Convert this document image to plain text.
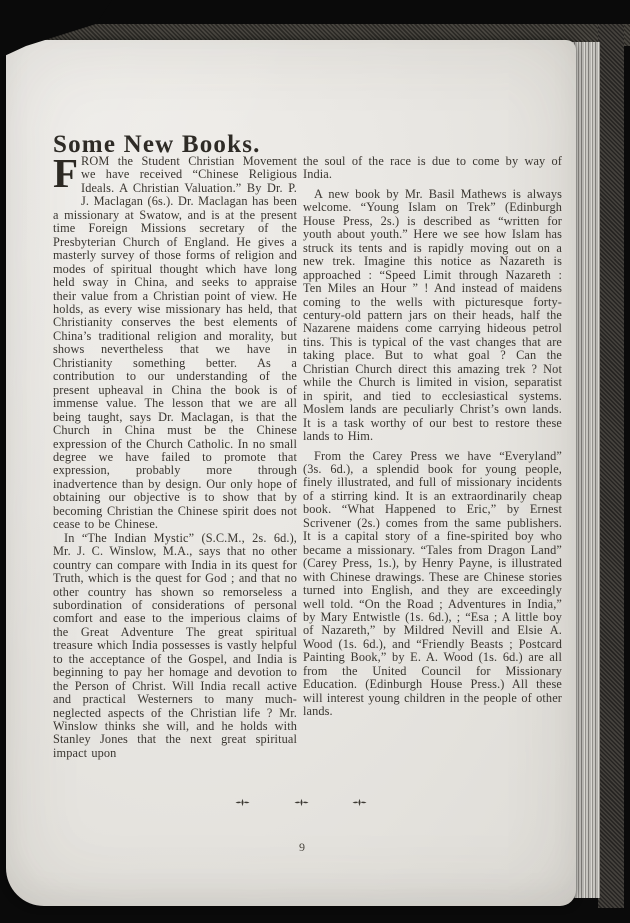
Some New Books.

FROM the Student Christian Movement we have received “Chinese Religious Ideals. A Christian Valuation.” By Dr. P. J. Maclagan (6s.). Dr. Maclagan has been a missionary at Swatow, and is at the present time Foreign Missions secretary of the Presbyterian Church of England. He gives a masterly survey of those forms of religion and modes of spiritual thought which have long held sway in China, and seeks to appraise their value from a Christian point of view. He holds, as every wise missionary has held, that Christianity conserves the best elements of China’s traditional religion and morality, but shows nevertheless that we have in Christianity something better. As a contribution to our understanding of the present upheaval in China the book is of immense value. The lesson that we are all being taught, says Dr. Maclagan, is that the Church in China must be the Chinese expression of the Church Catholic. In no small degree we have failed to promote that expression, probably more through inadvertence than by design. Our only hope of obtaining our objective is to show that by becoming Christian the Chinese spirit does not cease to be Chinese.

In “The Indian Mystic” (S.C.M., 2s. 6d.), Mr. J. C. Winslow, M.A., says that no other country can compare with India in its quest for Truth, which is the quest for God ; and that no other country has shown so remorseless a subordination of considerations of personal comfort and ease to the imperious claims of the Great Adventure The great spiritual treasure which India possesses is vastly helpful to the acceptance of the Gospel, and India is beginning to pay her homage and devotion to the Person of Christ. Will India recall active and practical Westerners to many much-neglected aspects of the Christian life ? Mr. Winslow thinks she will, and he holds with Stanley Jones that the next great spiritual impact upon

the soul of the race is due to come by way of India.

A new book by Mr. Basil Mathews is always welcome. “Young Islam on Trek” (Edinburgh House Press, 2s.) is described as “written for youth about youth.” Here we see how Islam has struck its tents and is rapidly moving out on a new trek. Imagine this notice as Nazareth is approached : “Speed Limit through Nazareth : Ten Miles an Hour ” ! And instead of maidens coming to the wells with picturesque forty-century-old pattern jars on their heads, half the Nazarene maidens come carrying hideous petrol tins. This is typical of the vast changes that are taking place. But to what goal ? Can the Christian Church direct this amazing trek ? Not while the Church is limited in vision, separatist in spirit, and tied to ecclesiastical systems. Moslem lands are peculiarly Christ’s own lands. It is a task worthy of our best to restore these lands to Him.

From the Carey Press we have “Everyland” (3s. 6d.), a splendid book for young people, finely illustrated, and full of missionary incidents of a stirring kind. It is an extraordinarily cheap book. “What Happened to Eric,” by Ernest Scrivener (2s.) comes from the same publishers. It is a capital story of a fine-spirited boy who became a missionary. “Tales from Dragon Land” (Carey Press, 1s.), by Henry Payne, is illustrated with Chinese drawings. These are Chinese stories turned into English, and they are exceedingly well told. “On the Road ; Adventures in India,” by Mary Entwistle (1s. 6d.), ; “Esa ; A little boy of Nazareth,” by Mildred Nevill and Elsie A. Wood (1s. 6d.), and “Friendly Beasts ; Postcard Painting Book,” by E. A. Wood (1s. 6d.) are all from the United Council for Missionary Education. (Edinburgh House Press.) All these will interest young children in the people of other lands.

9
